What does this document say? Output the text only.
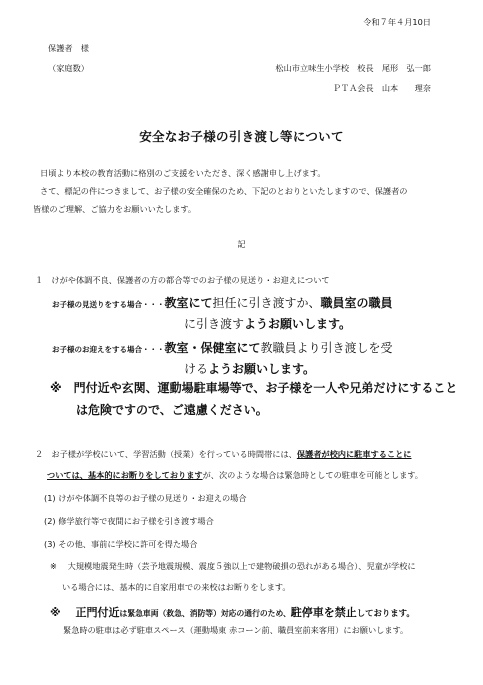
令和７年４月10日
保護者　様
（家庭数）	松山市立味生小学校　校長　尾形　弘一郎
ＰＴＡ会長　山本　　理奈
安全なお子様の引き渡し等について
日頃より本校の教育活動に格別のご支援をいただき、深く感謝申し上げます。
さて、標記の件につきまして、お子様の安全確保のため、下記のとおりといたしますので、保護者の
皆様のご理解、ご協力をお願いいたします。
記
１　けがや体調不良、保護者の方の都合等でのお子様の見送り・お迎えについて
お子様の見送りをする場合・・・教室にて担任に引き渡すか、職員室の職員
に引き渡すようお願いします。
お子様のお迎えをする場合・・・教室・保健室にて教職員より引き渡しを受
けるようお願いします。
※　門付近や玄関、運動場駐車場等で、お子様を一人や兄弟だけにすること
は危険ですので、ご遠慮ください。
２　お子様が学校にいて、学習活動（授業）を行っている時間帯には、保護者が校内に駐車することに
ついては、基本的にお断りをしておりますが、次のような場合は緊急時としての駐車を可能とします。
(1) けがや体調不良等のお子様の見送り・お迎えの場合
(2) 修学旅行等で夜間にお子様を引き渡す場合
(3) その他、事前に学校に許可を得た場合
※　 大規模地震発生時（芸予地震規模、震度５強以上で建物破損の恐れがある場合）、児童が学校に
いる場合には、基本的に自家用車での来校はお断りをします。
※　 正門付近は緊急車両（救急、消防等）対応の通行のため、駐停車を禁止しております。
緊急時の駐車は必ず駐車スペース（運動場東 赤コーン前、職員室前来客用）にお願いします。
